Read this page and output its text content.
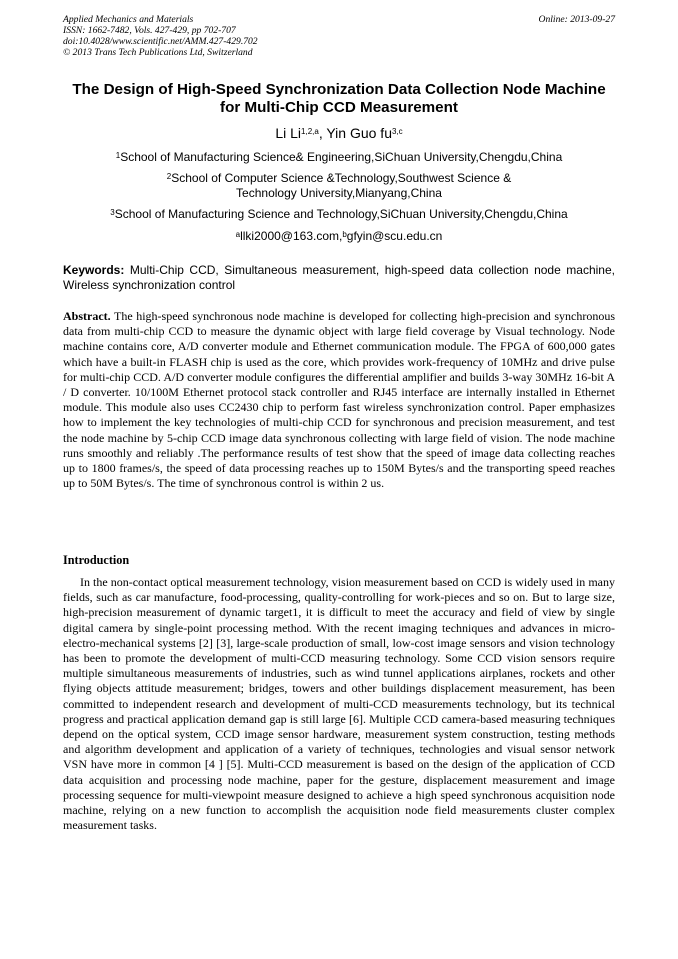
Applied Mechanics and Materials
ISSN: 1662-7482, Vols. 427-429, pp 702-707
doi:10.4028/www.scientific.net/AMM.427-429.702
© 2013 Trans Tech Publications Ltd, Switzerland
Online: 2013-09-27
The Design of High-Speed Synchronization Data Collection Node Machine for Multi-Chip CCD Measurement
Li Li$^{1,2,a}$, Yin Guo fu$^{3,c}$
$^1$School of Manufacturing Science& Engineering,SiChuan University,Chengdu,China
$^2$School of Computer Science &Technology,Southwest Science & Technology University,Mianyang,China
$^3$School of Manufacturing Science and Technology,SiChuan University,Chengdu,China
$^a$llki2000@163.com,$^b$gfyin@scu.edu.cn
Keywords: Multi-Chip CCD, Simultaneous measurement, high-speed data collection node machine, Wireless synchronization control
Abstract. The high-speed synchronous node machine is developed for collecting high-precision and synchronous data from multi-chip CCD to measure the dynamic object with large field coverage by Visual technology. Node machine contains core, A/D converter module and Ethernet communication module. The FPGA of 600,000 gates which have a built-in FLASH chip is used as the core, which provides work-frequency of 10MHz and drive pulse for multi-chip CCD. A/D converter module configures the differential amplifier and builds 3-way 30MHz 16-bit A / D converter. 10/100M Ethernet protocol stack controller and RJ45 interface are internally installed in Ethernet module. This module also uses CC2430 chip to perform fast wireless synchronization control. Paper emphasizes how to implement the key technologies of multi-chip CCD for synchronous and precision measurement, and test the node machine by 5-chip CCD image data synchronous collecting with large field of vision. The node machine runs smoothly and reliably .The performance results of test show that the speed of image data collecting reaches up to 1800 frames/s, the speed of data processing reaches up to 150M Bytes/s and the transporting speed reaches up to 50M Bytes/s. The time of synchronous control is within 2 us.
Introduction
In the non-contact optical measurement technology, vision measurement based on CCD is widely used in many fields, such as car manufacture, food-processing, quality-controlling for work-pieces and so on. But to large size, high-precision measurement of dynamic target1, it is difficult to meet the accuracy and field of view by single digital camera by single-point processing method. With the recent imaging techniques and advances in micro-electro-mechanical systems [2] [3], large-scale production of small, low-cost image sensors and vision technology has been to promote the development of multi-CCD measuring technology. Some CCD vision sensors require multiple simultaneous measurements of industries, such as wind tunnel applications airplanes, rockets and other flying objects attitude measurement; bridges, towers and other buildings displacement measurement, has been committed to independent research and development of multi-CCD measurements technology, but its technical progress and practical application demand gap is still large [6]. Multiple CCD camera-based measuring techniques depend on the optical system, CCD image sensor hardware, measurement system construction, testing methods and algorithm development and application of a variety of techniques, technologies and visual sensor network VSN have more in common [4 ] [5]. Multi-CCD measurement is based on the design of the application of CCD data acquisition and processing node machine, paper for the gesture, displacement measurement and image processing sequence for multi-viewpoint measure designed to achieve a high speed synchronous acquisition node machine, relying on a new function to accomplish the acquisition node field measurements cluster complex measurement tasks.
